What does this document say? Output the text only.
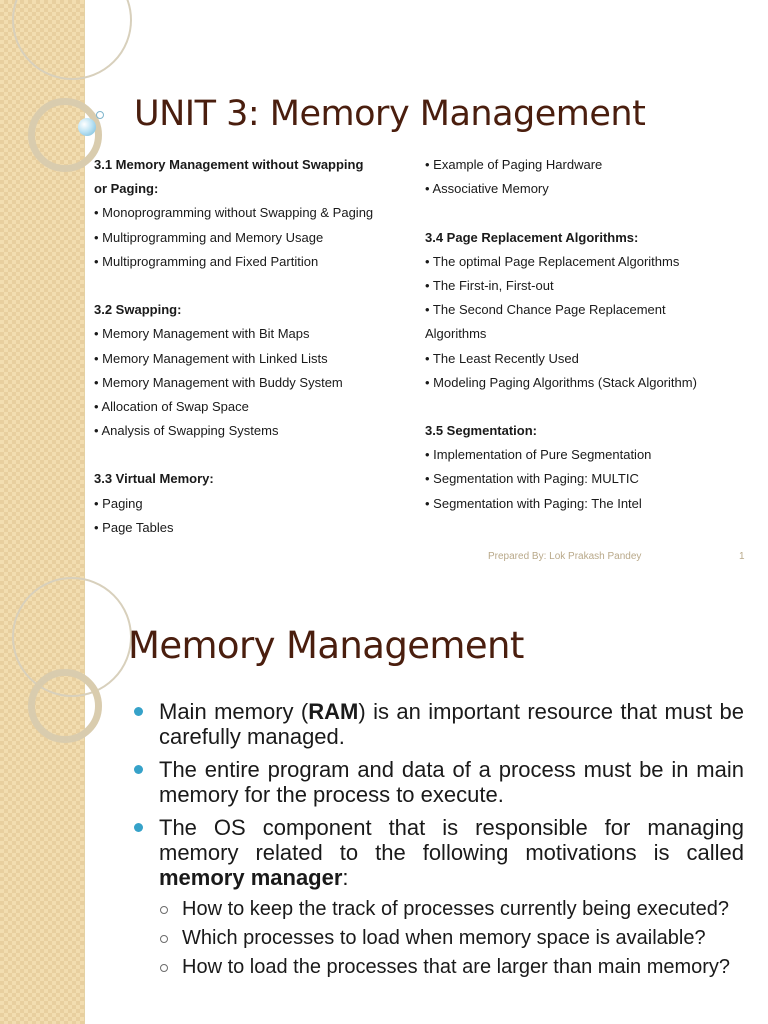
UNIT 3: Memory Management
3.1 Memory Management without Swapping
or Paging:
• Monoprogramming without Swapping & Paging
• Multiprogramming and Memory Usage
• Multiprogramming and Fixed Partition
3.2 Swapping:
• Memory Management with Bit Maps
• Memory Management with Linked Lists
• Memory Management with Buddy System
• Allocation of Swap Space
• Analysis of Swapping Systems
3.3 Virtual Memory:
• Paging
• Page Tables
• Example of Paging Hardware
• Associative Memory
3.4 Page Replacement Algorithms:
• The optimal Page Replacement Algorithms
• The First-in, First-out
• The Second Chance Page Replacement
Algorithms
• The Least Recently Used
• Modeling Paging Algorithms (Stack Algorithm)
3.5 Segmentation:
• Implementation of Pure Segmentation
• Segmentation with Paging: MULTIC
• Segmentation with Paging: The Intel
Prepared By: Lok Prakash Pandey	1
Memory Management
Main memory (RAM) is an important resource that must be carefully managed.
The entire program and data of a process must be in main memory for the process to execute.
The OS component that is responsible for managing memory related to the following motivations is called memory manager:
How to keep the track of processes currently being executed?
Which processes to load when memory space is available?
How to load the processes that are larger than main memory?
